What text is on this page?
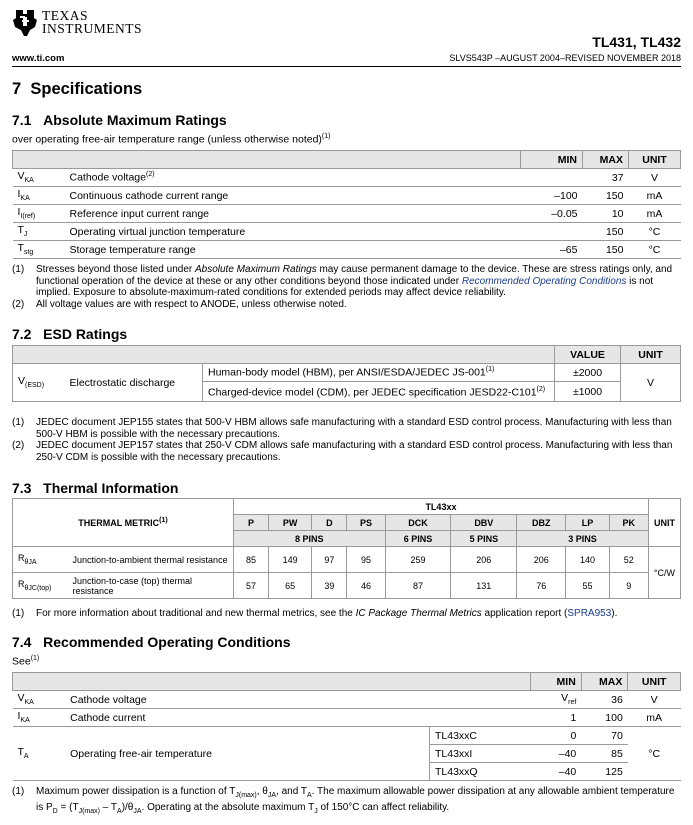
TEXAS
INSTRUMENTS
www.ti.com
TL431, TL432
SLVS543P –AUGUST 2004–REVISED NOVEMBER 2018
7 Specifications
7.1 Absolute Maximum Ratings
over operating free-air temperature range (unless otherwise noted)$^{(1)}$
		MIN	MAX	UNIT
$V_{KA}$	Cathode voltage$^{(2)}$		37	V
$I_{KA}$	Continuous cathode current range	–100	150	mA
$I_{I(ref)}$	Reference input current range	–0.05	10	mA
$T_J$	Operating virtual junction temperature		150	°C
$T_{stg}$	Storage temperature range	–65	150	°C
(1)	Stresses beyond those listed under Absolute Maximum Ratings may cause permanent damage to the device. These are stress ratings only, and functional operation of the device at these or any other conditions beyond those indicated under Recommended Operating Conditions is not implied. Exposure to absolute-maximum-rated conditions for extended periods may affect device reliability.
(2)	All voltage values are with respect to ANODE, unless otherwise noted.
7.2 ESD Ratings
			VALUE	UNIT
$V_{(ESD)}$	Electrostatic discharge	Human-body model (HBM), per ANSI/ESDA/JEDEC $JS-001^{(1)}$	±2000	V
		Charged-device model (CDM), per JEDEC specification $JESD22-C101^{(2)}$	±1000	
(1)	JEDEC document JEP155 states that 500-V HBM allows safe manufacturing with a standard ESD control process. Manufacturing with less than 500-V HBM is possible with the necessary precautions.
(2)	JEDEC document JEP157 states that 250-V CDM allows safe manufacturing with a standard ESD control process. Manufacturing with less than 250-V CDM is possible with the necessary precautions.
7.3 Thermal Information
THERMAL METRIC$^{(1)}$		TL43xx									UNIT
		P	PW	D	PS	DCK	DBV	DBZ	LP	PK	
		8 PINS				6 PINS	5 PINS	3 PINS			
$R_{\theta JA}$	Junction-to-ambient thermal resistance	85	149	97	95	259	206	206	140	52	°C/W
$R_{\theta JC(top)}$	Junction-to-case (top) thermal resistance	57	65	39	46	87	131	76	55	9	
(1)	For more information about traditional and new thermal metrics, see the IC Package Thermal Metrics application report (SPRA953).
7.4 Recommended Operating Conditions
See$^{(1)}$
			MIN	MAX	UNIT
$V_{KA}$	Cathode voltage		$V_{ref}$	36	V
$I_{KA}$	Cathode current		1	100	mA
$T_A$	Operating free-air temperature	TL43xxC	0	70	°C
		TL43xxI	–40	85	
		TL43xxQ	–40	125	
(1)	Maximum power dissipation is a function of $T_{J(max)}$, $\theta_{JA}$, and $T_A$. The maximum allowable power dissipation at any allowable ambient temperature is $P_D = (T_{J(max)} - T_A)/\theta_{JA}$. Operating at the absolute maximum $T_J$ of 150°C can affect reliability.
